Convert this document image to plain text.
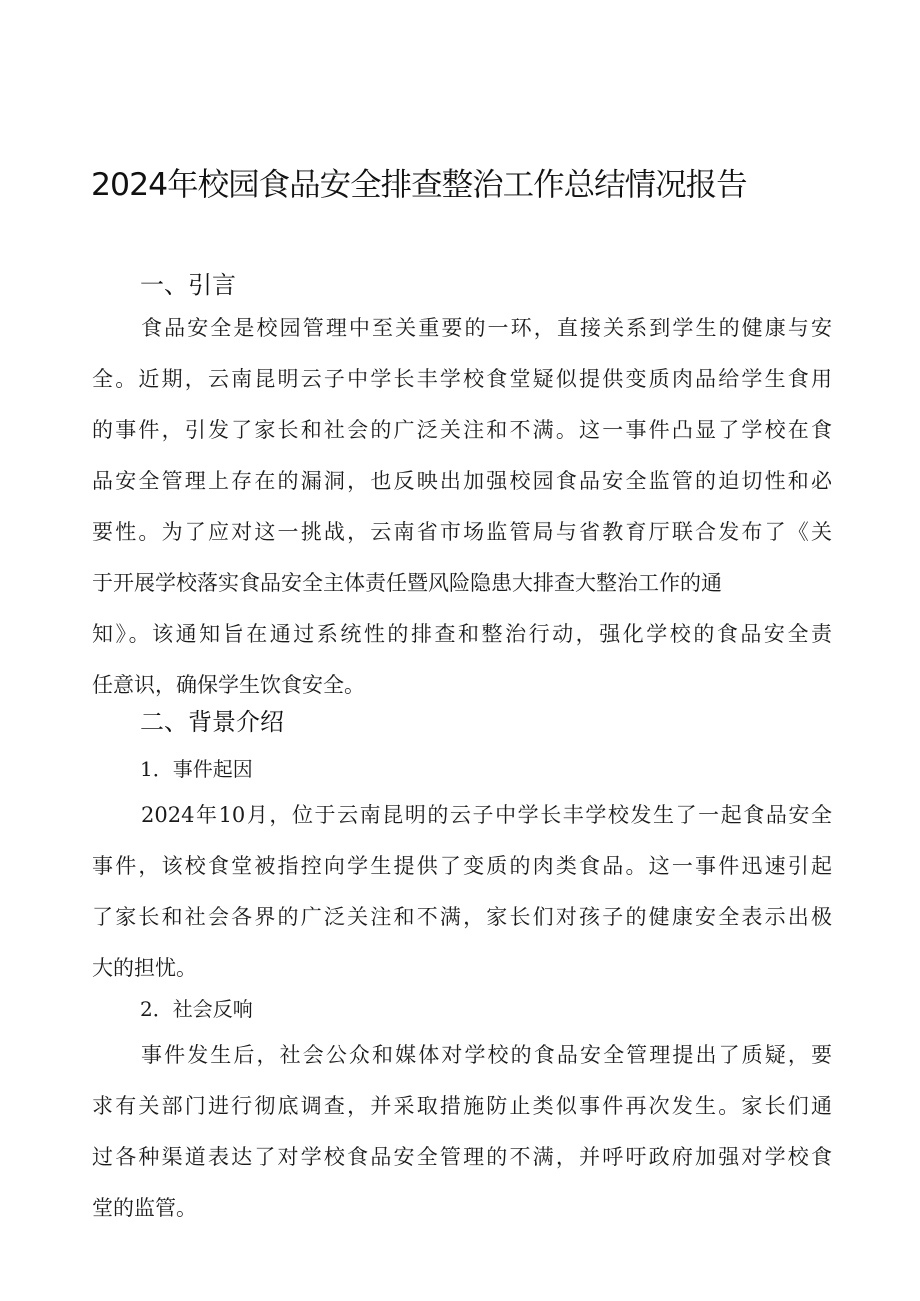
2024年校园食品安全排查整治工作总结情况报告
一、引言
食品安全是校园管理中至关重要的一环，直接关系到学生的健康与安
全。近期，云南昆明云子中学长丰学校食堂疑似提供变质肉品给学生食用
的事件，引发了家长和社会的广泛关注和不满。这一事件凸显了学校在食
品安全管理上存在的漏洞，也反映出加强校园食品安全监管的迫切性和必
要性。为了应对这一挑战，云南省市场监管局与省教育厅联合发布了《关
于开展学校落实食品安全主体责任暨风险隐患大排查大整治工作的通
知》。该通知旨在通过系统性的排查和整治行动，强化学校的食品安全责
任意识，确保学生饮食安全。
二、背景介绍
1．事件起因
2024年10月，位于云南昆明的云子中学长丰学校发生了一起食品安全
事件，该校食堂被指控向学生提供了变质的肉类食品。这一事件迅速引起
了家长和社会各界的广泛关注和不满，家长们对孩子的健康安全表示出极
大的担忧。
2．社会反响
事件发生后，社会公众和媒体对学校的食品安全管理提出了质疑，要
求有关部门进行彻底调查，并采取措施防止类似事件再次发生。家长们通
过各种渠道表达了对学校食品安全管理的不满，并呼吁政府加强对学校食
堂的监管。
